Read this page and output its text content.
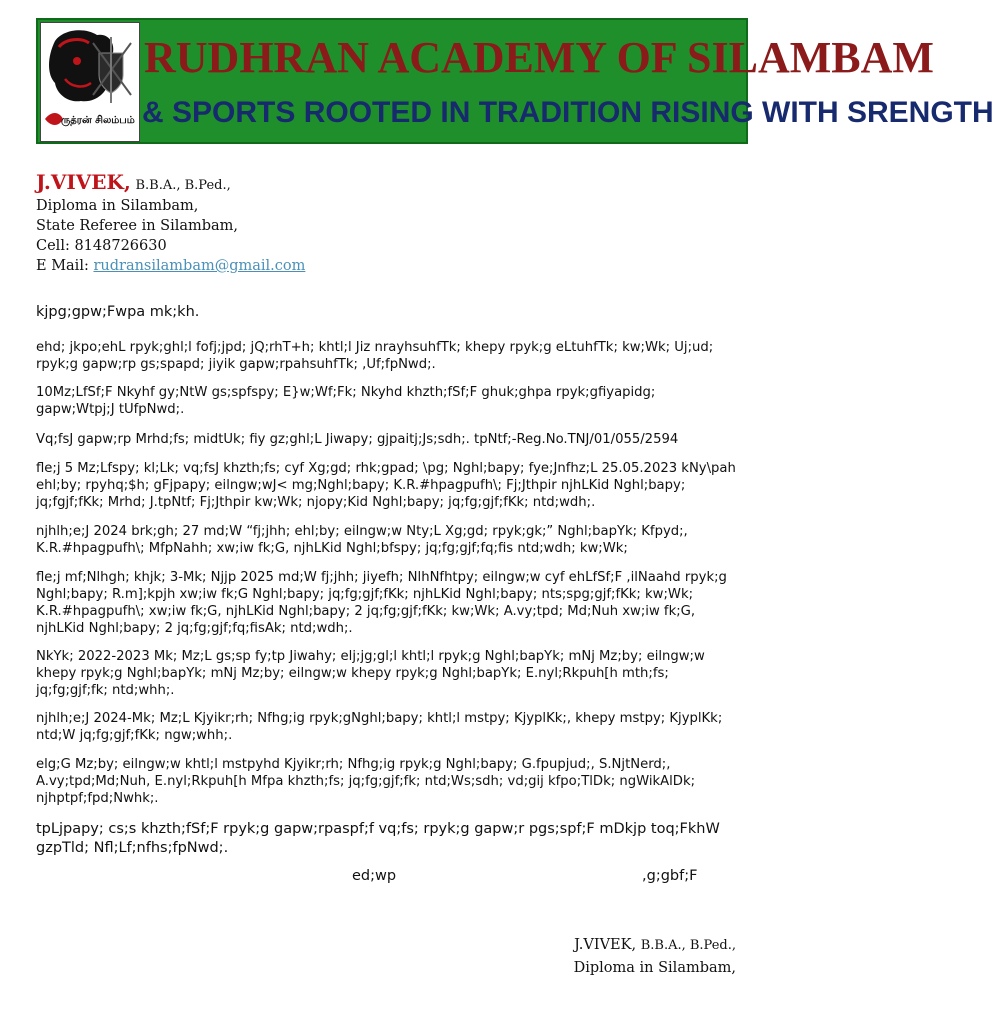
ருத்ரன் சிலம்பம்
RUDHRAN ACADEMY OF SILAMBAM
& SPORTS ROOTED IN TRADITION RISING WITH SRENGTH
J.VIVEK, B.B.A., B.Ped.,
Diploma in Silambam,
State Referee in Silambam,
Cell: 8148726630
E Mail: rudransilambam@gmail.com
kjpg;gpw;Fwpa mk;kh.
ehd; jkpo;ehL rpyk;ghl;l fofj;jpd; jQ;rhT+h; khtl;l Jiz nrayhsuhfTk; khepy rpyk;g eLtuhfTk; kw;Wk; Uj;ud; rpyk;g gapw;rp gs;spapd; jiyik gapw;rpahsuhfTk; ,Uf;fpNwd;.
10Mz;LfSf;F Nkyhf gy;NtW gs;spfspy; E}w;Wf;Fk; Nkyhd khzth;fSf;F ghuk;ghpa rpyk;gfiyapidg; gapw;Wtpj;J tUfpNwd;.
Vq;fsJ gapw;rp Mrhd;fs; midtUk; fiy gz;ghl;L Jiwapy; gjpaitj;Js;sdh;. tpNtf;-Reg.No.TNJ/01/055/2594
fle;j 5 Mz;Lfspy; kl;Lk; vq;fsJ khzth;fs; cyf Xg;gd; rhk;gpad; \pg; Nghl;bapy; fye;Jnfhz;L 25.05.2023 kNy\pah ehl;by; rpyhq;$h; gFjpapy; eilngw;wJ< mg;Nghl;bapy; K.R.#hpagpufh\; Fj;Jthpir njhLKid Nghl;bapy; jq;fgjf;fKk; Mrhd; J.tpNtf; Fj;Jthpir kw;Wk; njopy;Kid Nghl;bapy; jq;fg;gjf;fKk; ntd;wdh;.
njhlh;e;J 2024 brk;gh; 27 md;W “fj;jhh; ehl;by; eilngw;w Nty;L Xg;gd; rpyk;gk;” Nghl;bapYk; Kfpyd;, K.R.#hpagpufh\; MfpNahh; xw;iw fk;G, njhLKid Nghl;bfspy; jq;fg;gjf;fq;fis ntd;wdh; kw;Wk;
fle;j mf;Nlhgh; khjk; 3-Mk; Njjp 2025 md;W fj;jhh; jiyefh; NlhNfhtpy; eilngw;w cyf ehLfSf;F ,ilNaahd rpyk;g Nghl;bapy; R.m];kpjh xw;iw fk;G Nghl;bapy; jq;fg;gjf;fKk; njhLKid Nghl;bapy; nts;spg;gjf;fKk; kw;Wk; K.R.#hpagpufh\; xw;iw fk;G, njhLKid Nghl;bapy; 2 jq;fg;gjf;fKk; kw;Wk; A.vy;tpd; Md;Nuh xw;iw fk;G, njhLKid Nghl;bapy; 2 jq;fg;gjf;fq;fisAk; ntd;wdh;.
NkYk; 2022-2023 Mk; Mz;L gs;sp fy;tp Jiwahy; elj;jg;gl;l khtl;l rpyk;g Nghl;bapYk; mNj Mz;by; eilngw;w khepy rpyk;g Nghl;bapYk; mNj Mz;by; eilngw;w khepy rpyk;g Nghl;bapYk; E.nyl;Rkpuh[h mth;fs; jq;fg;gjf;fk; ntd;whh;.
njhlh;e;J 2024-Mk; Mz;L Kjyikr;rh; Nfhg;ig rpyk;gNghl;bapy; khtl;l mstpy; KjyplKk;, khepy mstpy; KjyplKk; ntd;W jq;fg;gjf;fKk; ngw;whh;.
elg;G Mz;by; eilngw;w khtl;l mstpyhd Kjyikr;rh; Nfhg;ig rpyk;g Nghl;bapy; G.fpupjud;, S.NjtNerd;, A.vy;tpd;Md;Nuh, E.nyl;Rkpuh[h Mfpa khzth;fs; jq;fg;gjf;fk; ntd;Ws;sdh; vd;gij kfpo;TlDk; ngWikAlDk; njhptpf;fpd;Nwhk;.
tpLjpapy; cs;s khzth;fSf;F rpyk;g gapw;rpaspf;f vq;fs; rpyk;g gapw;r pgs;spf;F mDkjp toq;FkhW gzpTld; Nfl;Lf;nfhs;fpNwd;.
ed;wp	,g;gbf;F
J.VIVEK, B.B.A., B.Ped.,
Diploma in Silambam,
